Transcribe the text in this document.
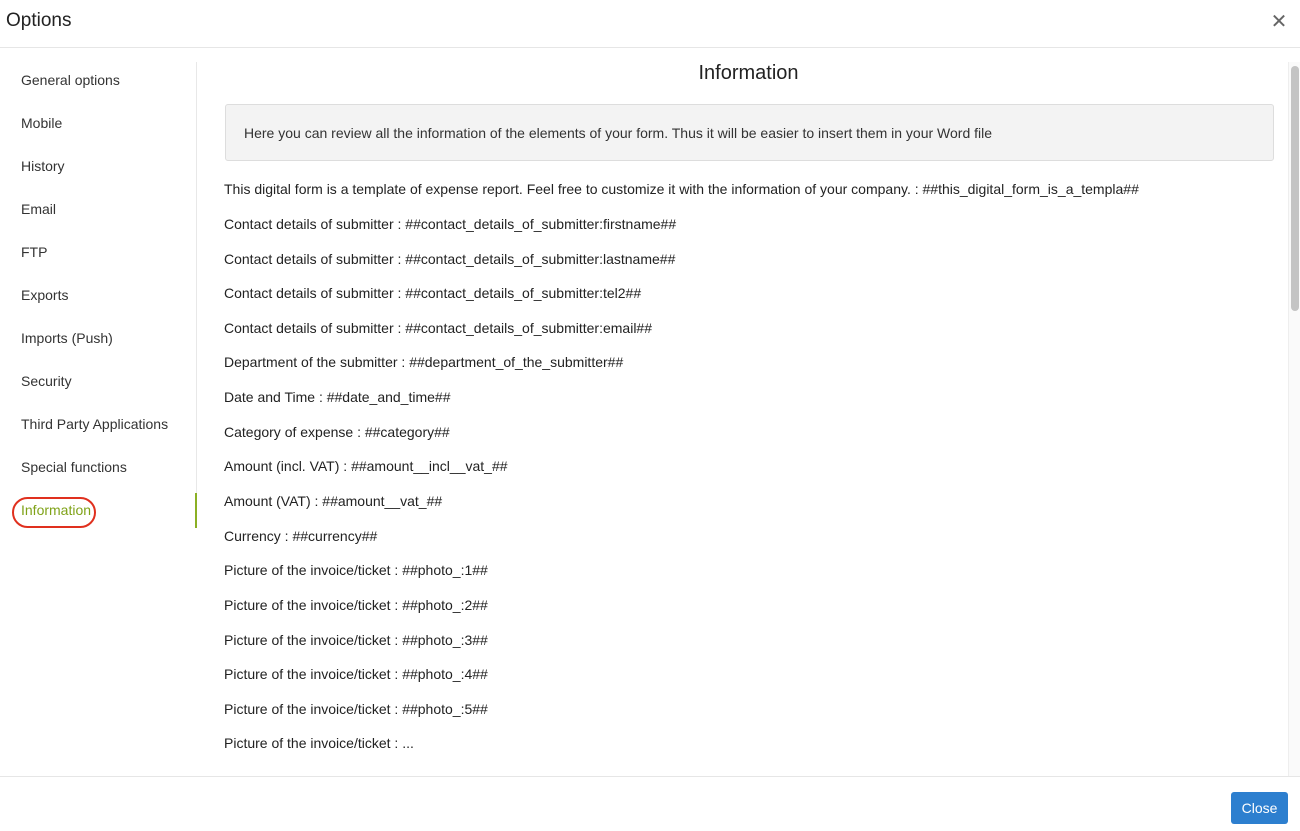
Options	✕
General options
Mobile
History
Email
FTP
Exports
Imports (Push)
Security
Third Party Applications
Special functions
Information
Information
Here you can review all the information of the elements of your form. Thus it will be easier to insert them in your Word file
This digital form is a template of expense report. Feel free to customize it with the information of your company. : ##this_digital_form_is_a_templa##
Contact details of submitter : ##contact_details_of_submitter:firstname##
Contact details of submitter : ##contact_details_of_submitter:lastname##
Contact details of submitter : ##contact_details_of_submitter:tel2##
Contact details of submitter : ##contact_details_of_submitter:email##
Department of the submitter : ##department_of_the_submitter##
Date and Time : ##date_and_time##
Category of expense : ##category##
Amount (incl. VAT) : ##amount__incl__vat_##
Amount (VAT) : ##amount__vat_##
Currency : ##currency##
Picture of the invoice/ticket : ##photo_:1##
Picture of the invoice/ticket : ##photo_:2##
Picture of the invoice/ticket : ##photo_:3##
Picture of the invoice/ticket : ##photo_:4##
Picture of the invoice/ticket : ##photo_:5##
Picture of the invoice/ticket : ...
Close
